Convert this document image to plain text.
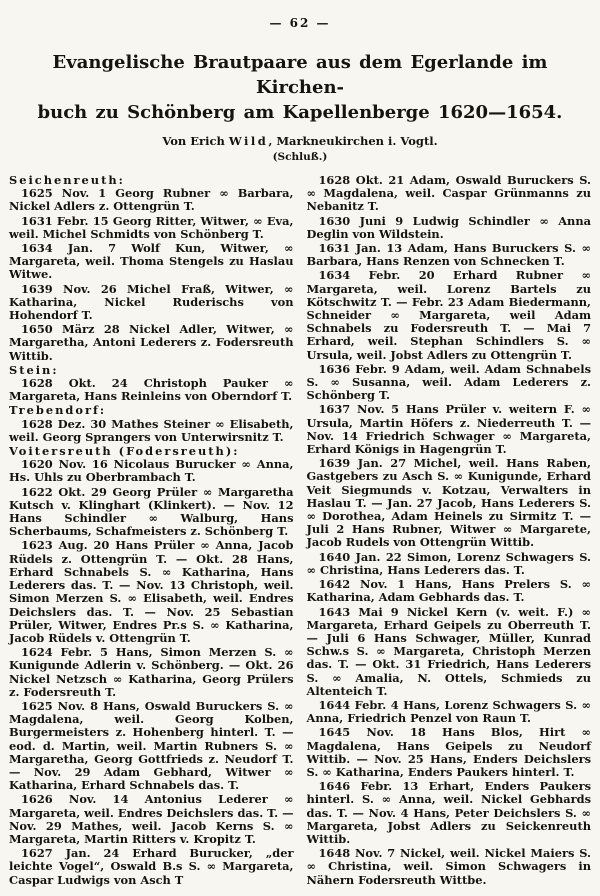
— 62 —
Evangelische Brautpaare aus dem Egerlande im Kirchen-
buch zu Schönberg am Kapellenberge 1620—1654.
Von Erich Wild, Markneukirchen i. Vogtl.
(Schluß.)
Seichenreuth:

1625 Nov. 1 Georg Rubner ∞ Barbara, Nickel Adlers z. Ottengrün T.

1631 Febr. 15 Georg Ritter, Witwer, ∞ Eva, weil. Michel Schmidts von Schönberg T.

1634 Jan. 7 Wolf Kun, Witwer, ∞ Margareta, weil. Thoma Stengels zu Haslau Witwe.

1639 Nov. 26 Michel Fraß, Witwer, ∞ Katharina, Nickel Ruderischs von Hohendorf T.

1650 März 28 Nickel Adler, Witwer, ∞ Margaretha, Antoni Lederers z. Fodersreuth Wittib.

Stein:

1628 Okt. 24 Christoph Pauker ∞ Margareta, Hans Reinleins von Oberndorf T.

Trebendorf:

1628 Dez. 30 Mathes Steiner ∞ Elisabeth, weil. Georg Sprangers von Unterwirsnitz T.

Voitersreuth (Fodersreuth):

1620 Nov. 16 Nicolaus Burucker ∞ Anna, Hs. Uhls zu Oberbrambach T.

1622 Okt. 29 Georg Prüler ∞ Margaretha Kutsch v. Klinghart (Klinkert). — Nov. 12 Hans Schindler ∞ Walburg, Hans Scherbaums, Schafmeisters z. Schönberg T.

1623 Aug. 20 Hans Prüler ∞ Anna, Jacob Rüdels z. Ottengrün T. — Okt. 28 Hans, Erhard Schnabels S. ∞ Katharina, Hans Lederers das. T. — Nov. 13 Christoph, weil. Simon Merzen S. ∞ Elisabeth, weil. Endres Deichslers das. T. — Nov. 25 Sebastian Prüler, Witwer, Endres Pr.s S. ∞ Katharina, Jacob Rüdels v. Ottengrün T.

1624 Febr. 5 Hans, Simon Merzen S. ∞ Kunigunde Adlerin v. Schönberg. — Okt. 26 Nickel Netzsch ∞ Katharina, Georg Prülers z. Fodersreuth T.

1625 Nov. 8 Hans, Oswald Buruckers S. ∞ Magdalena, weil. Georg Kolben, Burgermeisters z. Hohenberg hinterl. T. — eod. d. Martin, weil. Martin Rubners S. ∞ Margaretha, Georg Gottfrieds z. Neudorf T. — Nov. 29 Adam Gebhard, Witwer ∞ Katharina, Erhard Schnabels das. T.

1626 Nov. 14 Antonius Lederer ∞ Margareta, weil. Endres Deichslers das. T. — Nov. 29 Mathes, weil. Jacob Kerns S. ∞ Margareta, Martin Ritters v. Kropitz T.

1627 Jan. 24 Erhard Burucker, „der leichte Vogel“, Oswald B.s S. ∞ Margareta, Caspar Ludwigs von Asch T

1628 Okt. 21 Adam, Oswald Buruckers S. ∞ Magdalena, weil. Caspar Grünmanns zu Nebanitz T.

1630 Juni 9 Ludwig Schindler ∞ Anna Deglin von Wildstein.

1631 Jan. 13 Adam, Hans Buruckers S. ∞ Barbara, Hans Renzen von Schnecken T.

1634 Febr. 20 Erhard Rubner ∞ Margareta, weil. Lorenz Bartels zu Kötschwitz T. — Febr. 23 Adam Biedermann, Schneider ∞ Margareta, weil Adam Schnabels zu Fodersreuth T. — Mai 7 Erhard, weil. Stephan Schindlers S. ∞ Ursula, weil. Jobst Adlers zu Ottengrün T.

1636 Febr. 9 Adam, weil. Adam Schnabels S. ∞ Susanna, weil. Adam Lederers z. Schönberg T.

1637 Nov. 5 Hans Prüler v. weitern F. ∞ Ursula, Martin Höfers z. Niederreuth T. — Nov. 14 Friedrich Schwager ∞ Margareta, Erhard Königs in Hagengrün T.

1639 Jan. 27 Michel, weil. Hans Raben, Gastgebers zu Asch S. ∞ Kunigunde, Erhard Veit Siegmunds v. Kotzau, Verwalters in Haslau T. — Jan. 27 Jacob, Hans Lederers S. ∞ Dorothea, Adam Heinels zu Sirmitz T. — Juli 2 Hans Rubner, Witwer ∞ Margarete, Jacob Rudels von Ottengrün Wittib.

1640 Jan. 22 Simon, Lorenz Schwagers S. ∞ Christina, Hans Lederers das. T.

1642 Nov. 1 Hans, Hans Prelers S. ∞ Katharina, Adam Gebhards das. T.

1643 Mai 9 Nickel Kern (v. weit. F.) ∞ Margareta, Erhard Geipels zu Oberreuth T. — Juli 6 Hans Schwager, Müller, Kunrad Schw.s S. ∞ Margareta, Christoph Merzen das. T. — Okt. 31 Friedrich, Hans Lederers S. ∞ Amalia, N. Ottels, Schmieds zu Altenteich T.

1644 Febr. 4 Hans, Lorenz Schwagers S. ∞ Anna, Friedrich Penzel von Raun T.

1645 Nov. 18 Hans Blos, Hirt ∞ Magdalena, Hans Geipels zu Neudorf Wittib. — Nov. 25 Hans, Enders Deichslers S. ∞ Katharina, Enders Paukers hinterl. T.

1646 Febr. 13 Erhart, Enders Paukers hinterl. S. ∞ Anna, weil. Nickel Gebhards das. T. — Nov. 4 Hans, Peter Deichslers S. ∞ Margareta, Jobst Adlers zu Seickenreuth Wittib.

1648 Nov. 7 Nickel, weil. Nickel Maiers S. ∞ Christina, weil. Simon Schwagers in Nähern Fodersreuth Wittbe.
